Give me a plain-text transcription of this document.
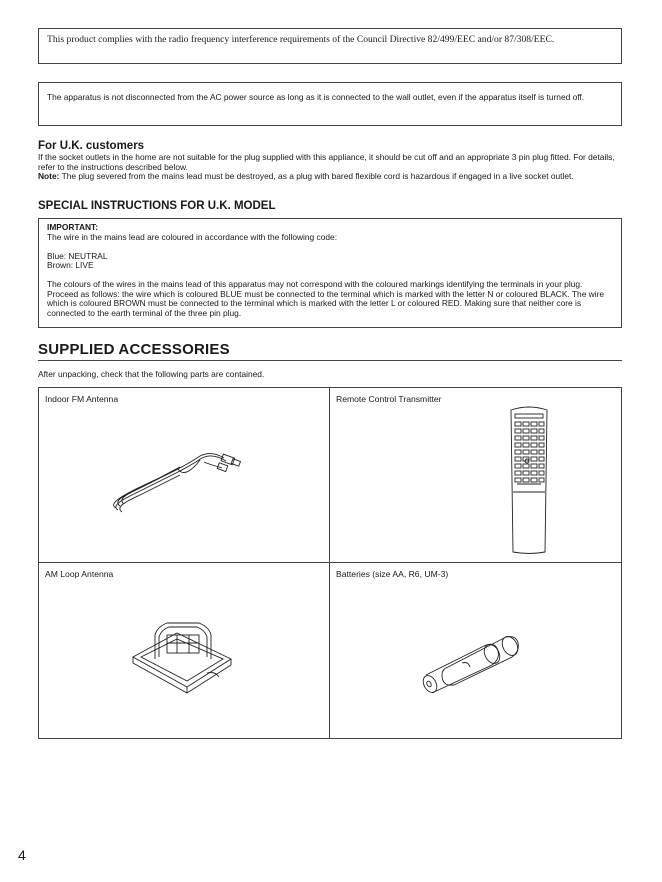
This product complies with the radio frequency interference requirements of the Council Directive 82/499/EEC and/or 87/308/EEC.
The apparatus is not disconnected from the AC power source as long as it is connected to the wall outlet, even if the apparatus itself is turned off.
For U.K. customers
If the socket outlets in the home are not suitable for the plug supplied with this appliance, it should be cut off and an appropriate 3 pin plug fitted. For details, refer to the instructions described below.
Note: The plug severed from the mains lead must be destroyed, as a plug with bared flexible cord is hazardous if engaged in a live socket outlet.
SPECIAL INSTRUCTIONS FOR U.K. MODEL

IMPORTANT:

The wire in the mains lead are coloured in accordance with the following code:

Blue: NEUTRAL

Brown: LIVE

The colours of the wires in the mains lead of this apparatus may not correspond with the coloured markings identifying the terminals in your plug. Proceed as follows: the wire which is coloured BLUE must be connected to the terminal which is marked with the letter N or coloured BLACK. The wire which is coloured BROWN must be connected to the terminal which is marked with the letter L or coloured RED. Making sure that neither core is connected to the earth terminal of the three pin plug.

SUPPLIED ACCESSORIES
After unpacking, check that the following parts are contained.
Indoor FM Antenna	Remote Control Transmitter
AM Loop Antenna	Batteries (size AA, R6, UM-3)
4
